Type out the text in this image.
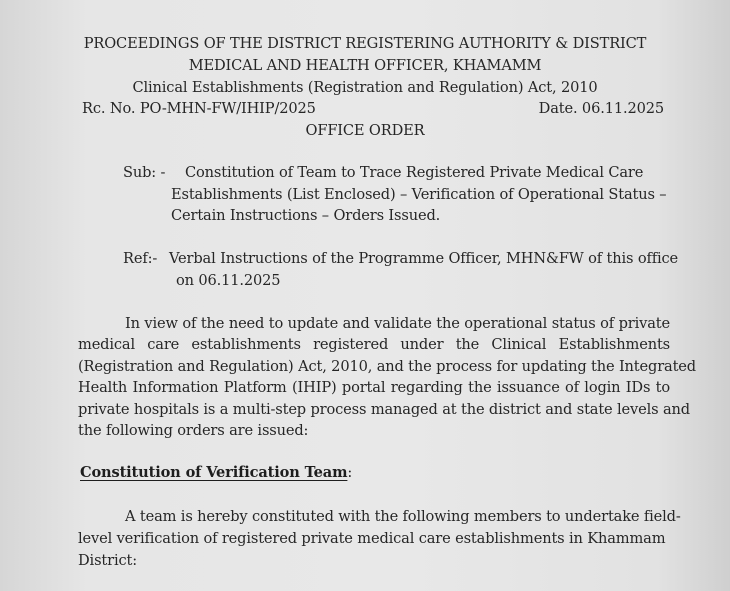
PROCEEDINGS OF THE DISTRICT REGISTERING AUTHORITY & DISTRICT
MEDICAL AND HEALTH OFFICER, KHAMAMM
Clinical Establishments (Registration and Regulation) Act, 2010
Rc. No. PO-MHN-FW/IHIP/2025	Date. 06.11.2025
OFFICE ORDER
Sub: - Constitution of Team to Trace Registered Private Medical Care
Establishments (List Enclosed) – Verification of Operational Status –
Certain Instructions – Orders Issued.
Ref:- Verbal Instructions of the Programme Officer, MHN&FW of this office
on 06.11.2025
In view of the need to update and validate the operational status of private
medical care establishments registered under the Clinical Establishments
(Registration and Regulation) Act, 2010, and the process for updating the Integrated
Health Information Platform (IHIP) portal regarding the issuance of login IDs to
private hospitals is a multi-step process managed at the district and state levels and
the following orders are issued:
Constitution of Verification Team:
A team is hereby constituted with the following members to undertake field-
level verification of registered private medical care establishments in Khammam
District:
